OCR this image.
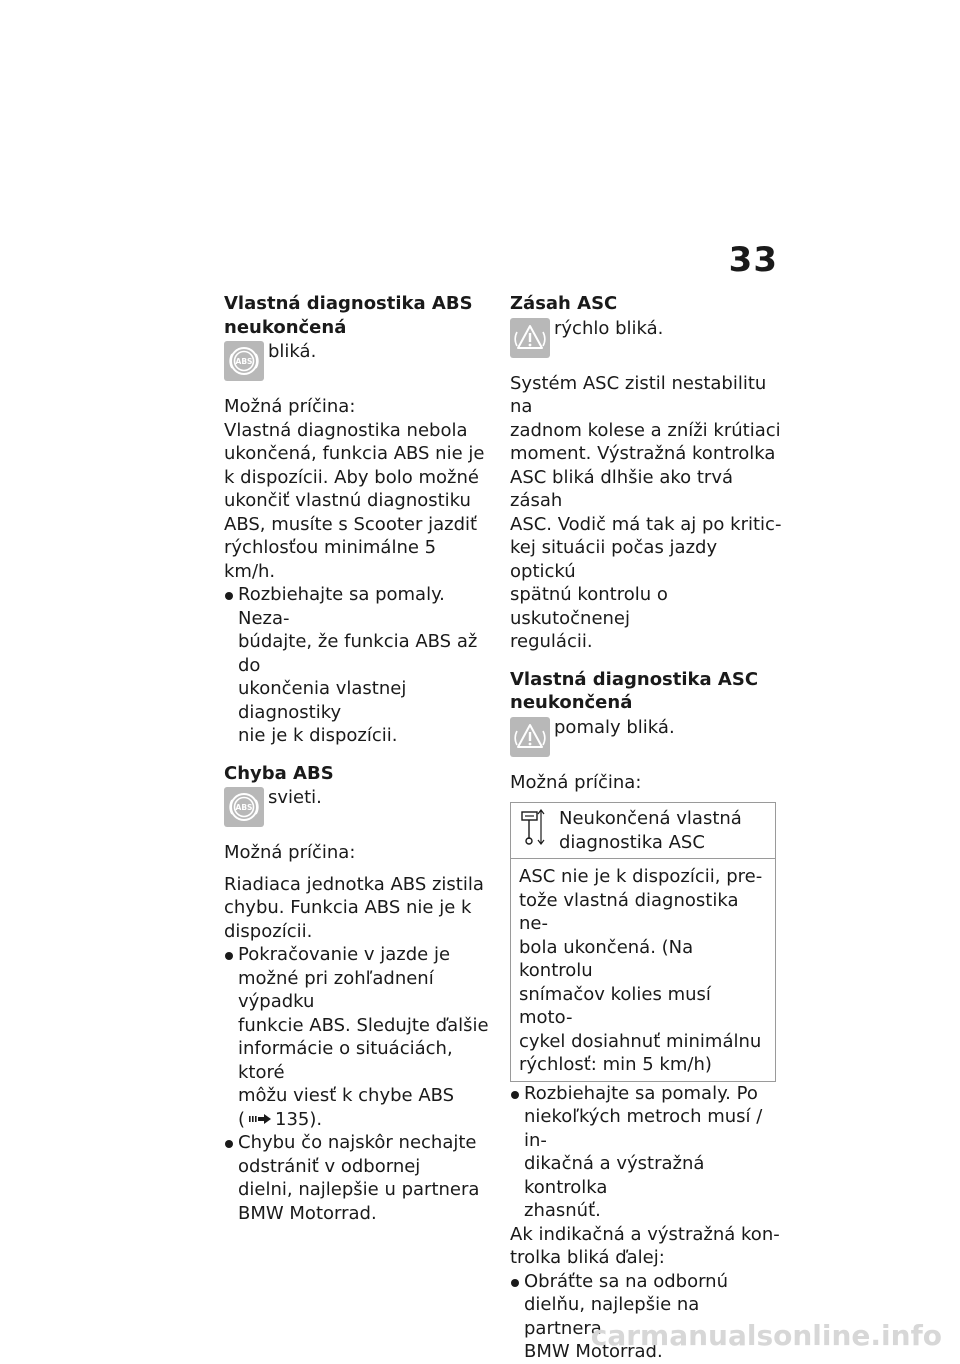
33

Vlastná diagnostika ABS

neukončená

ABS bliká.

Možná príčina:

Vlastná diagnostika nebola

ukončená, funkcia ABS nie je

k dispozícii. Aby bolo možné

ukončiť vlastnú diagnostiku

ABS, musíte s Scooter jazdiť

rýchlosťou minimálne 5 km/h.

Rozbiehajte sa pomaly. Neza-
búdajte, že funkcia ABS až do
ukončenia vlastnej diagnostiky
nie je k dispozícii.

Chyba ABS

ABS svieti.

Možná príčina:

Riadiaca jednotka ABS zistila

chybu. Funkcia ABS nie je k

dispozícii.

Pokračovanie v jazde je
možné pri zohľadnení výpadku
funkcie ABS. Sledujte ďalšie
informácie o situáciách, ktoré
môžu viesť k chybe ABS
( 135).
Chybu čo najskôr nechajte
odstrániť v odbornej
dielni, najlepšie u partnera
BMW Motorrad.

Zásah ASC

rýchlo bliká.

Systém ASC zistil nestabilitu na

zadnom kolese a zníži krútiaci

moment. Výstražná kontrolka

ASC bliká dlhšie ako trvá zásah

ASC. Vodič má tak aj po kritic-

kej situácii počas jazdy optickú

spätnú kontrolu o uskutočnenej

regulácii.

Vlastná diagnostika ASC

neukončená

pomaly bliká.

Možná príčina:

Neukončená vlastná

diagnostika ASC

ASC nie je k dispozícii, pre-

tože vlastná diagnostika ne-

bola ukončená. (Na kontrolu

snímačov kolies musí moto-

cykel dosiahnuť minimálnu

rýchlosť: min 5 km/h)

Rozbiehajte sa pomaly. Po
niekoľkých metroch musí / in-
dikačná a výstražná kontrolka
zhasnúť.

Ak indikačná a výstražná kon-

trolka bliká ďalej:

Obráťte sa na odbornú
dielňu, najlepšie na partnera
BMW Motorrad.
carmanualsonline.info
